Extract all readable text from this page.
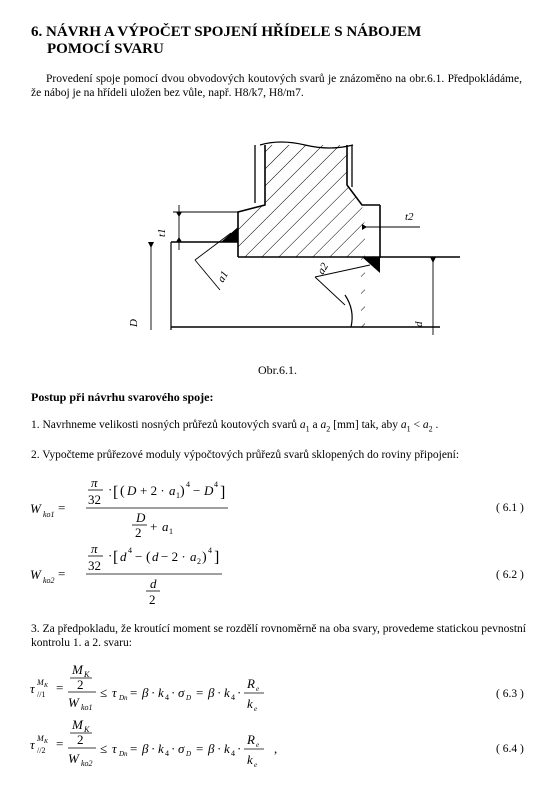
6. NÁVRH A VÝPOČET SPOJENÍ HŘÍDELE S NÁBOJEM
POMOCÍ SVARU
Provedení spoje pomocí dvou obvodových koutových svarů je znázoměno na obr.6.1. Předpokládáme, že náboj je na hřídeli uložen bez vůle, např. H8/k7, H8/m7.
t1
D
t2
d
a1
a2
Obr.6.1.
Postup při návrhu svarového spoje:
1. Navrhneme velikosti nosných průřezů koutových svarů $a_1$ a $a_2$ [mm] tak, aby $a_1 < a_2$ .
2. Vypočteme průřezové moduly výpočtových průřezů svarů sklopených do roviny připojení:
W ko1 =
π
32
· [ ( D + 2 · a 1 ) 4 − D 4 ]
D
2 + a 1
( 6.1 )
W ko2 =
π
32
· [ d 4 − ( d − 2 · a 2 ) 4 ]
d
2
( 6.2 )
3. Za předpokladu, že kroutící moment se rozdělí rovnoměrně na oba svary, provedeme statickou pevnostní kontrolu 1. a 2. svaru:
τ M K
//1 =
M K
2
W ko1
≤ τ Dn = β · k 4 · σ D = β · k 4 ·
R e
k e
( 6.3 )
τ M K
//2 =
M K
2
W ko2
≤ τ Dn = β · k 4 · σ D = β · k 4 ·
R e
k e
,	( 6.4 )
